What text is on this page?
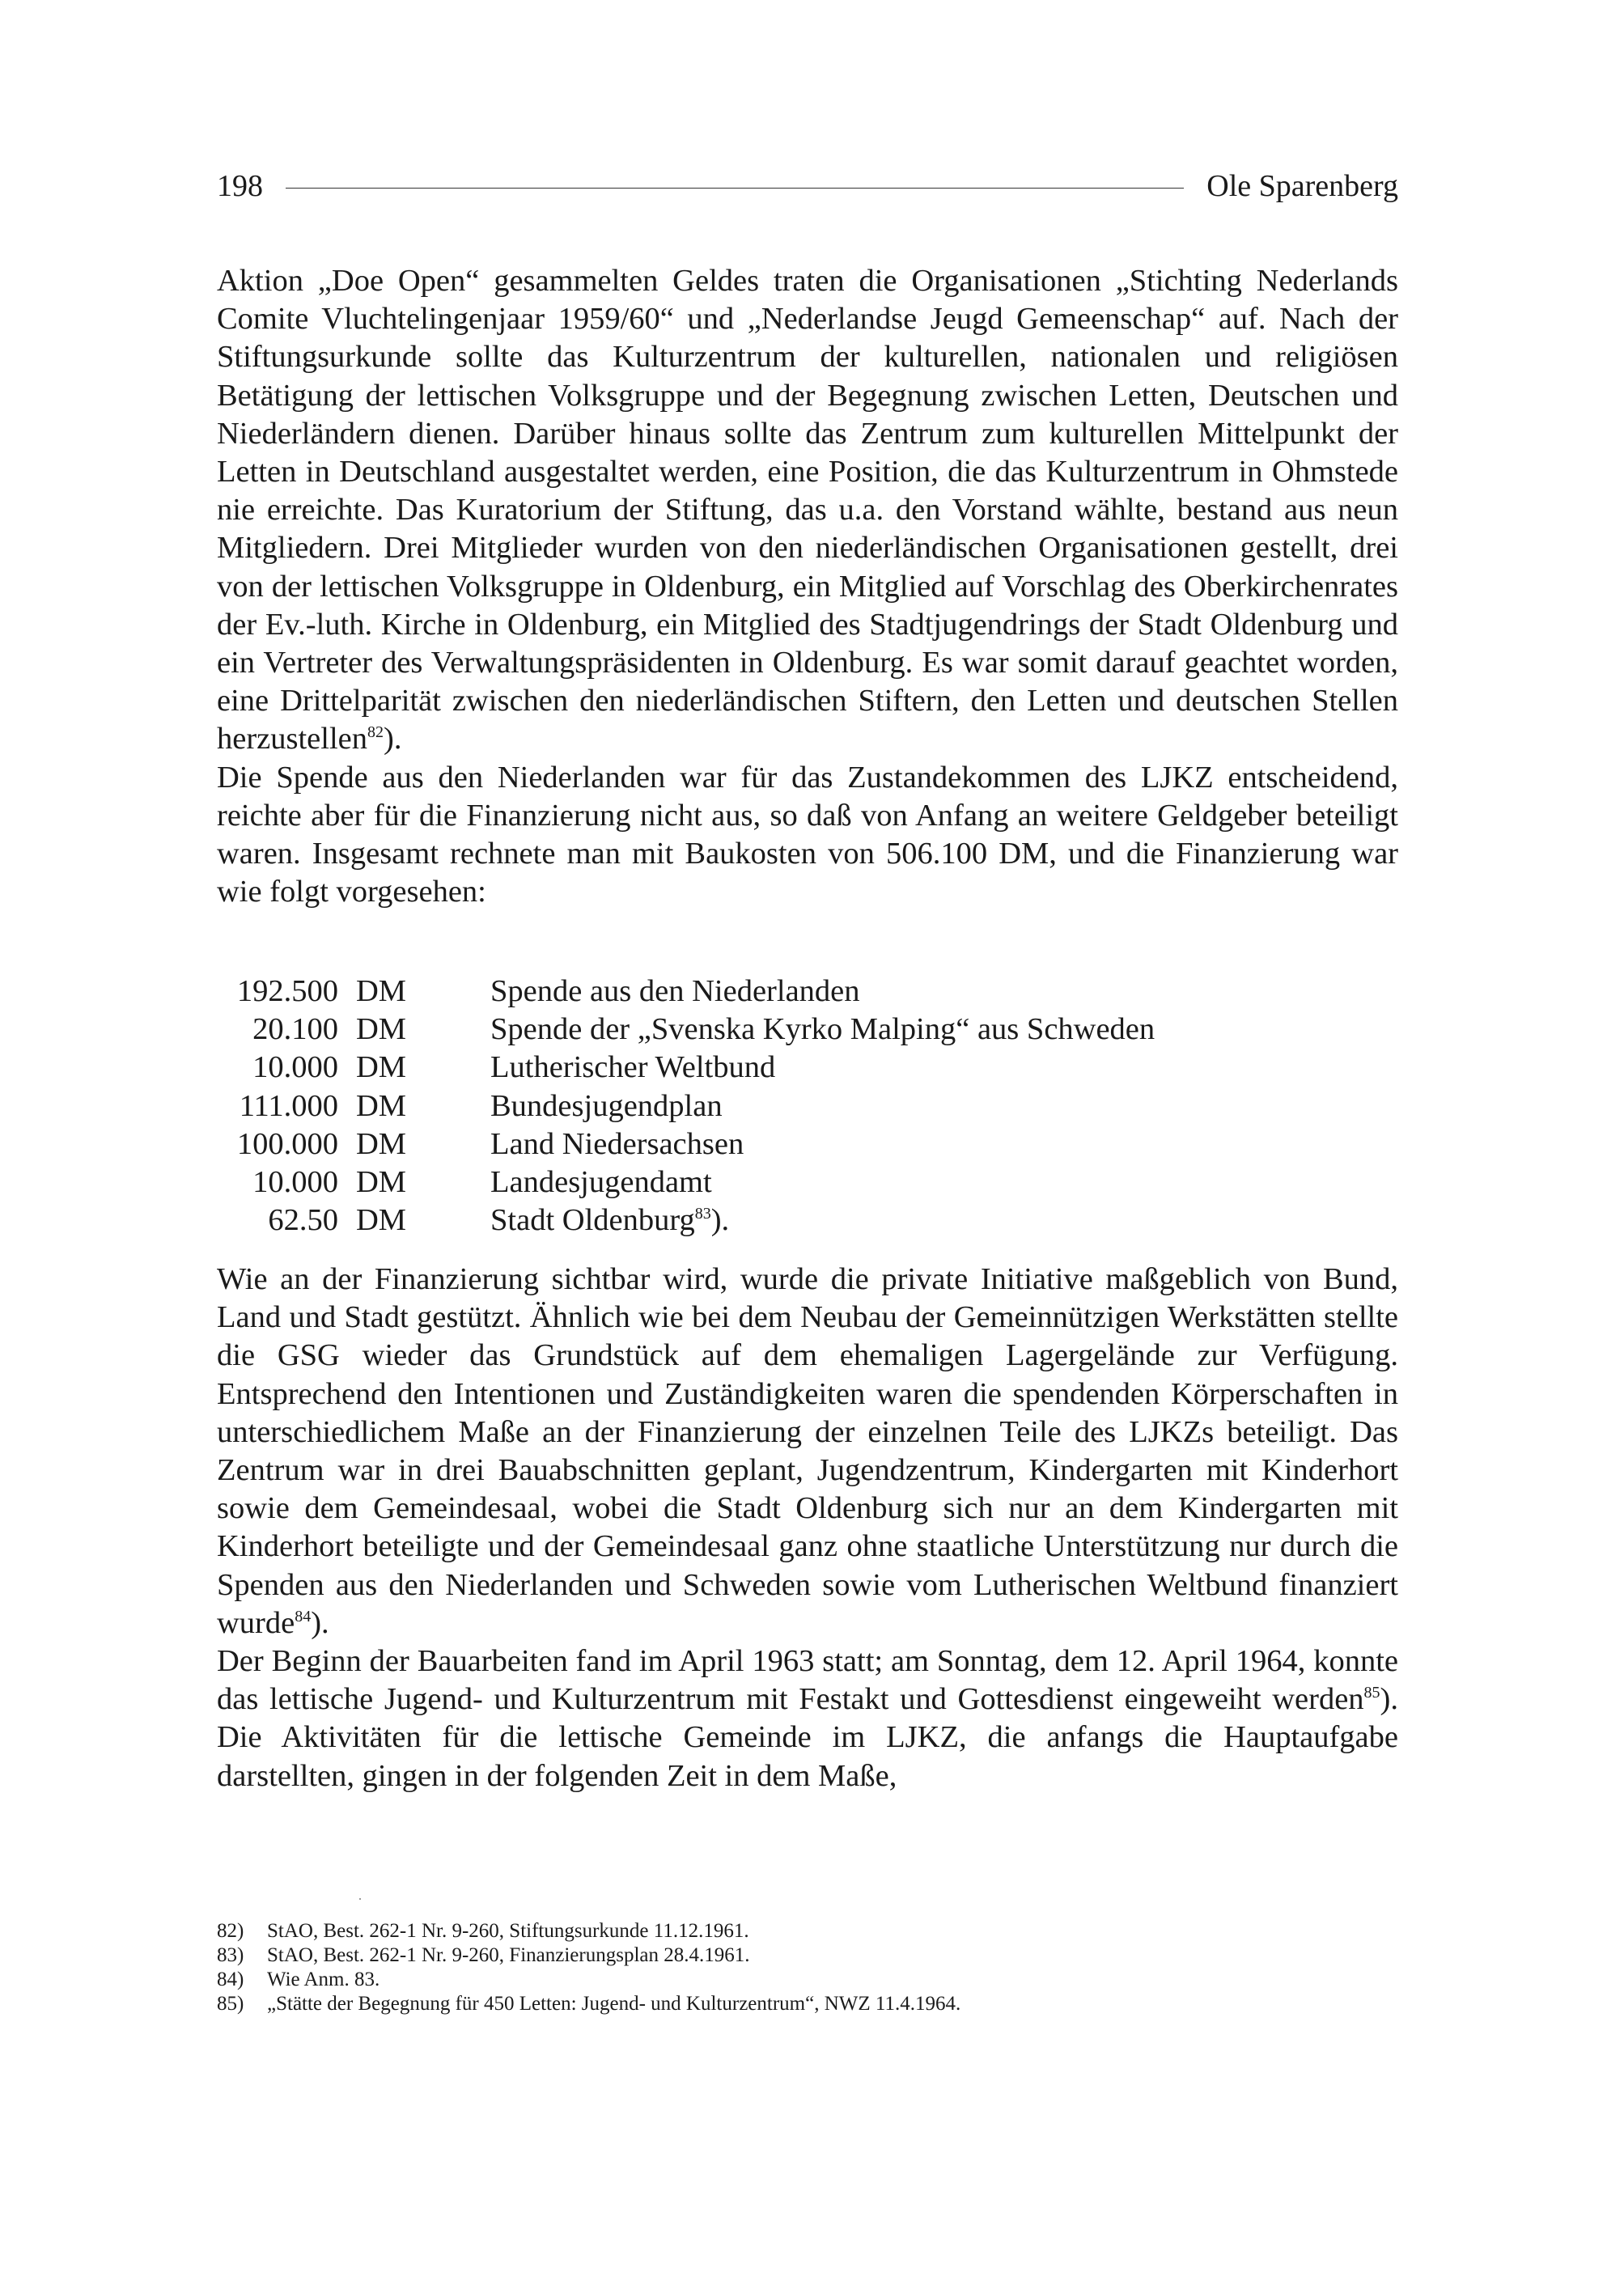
198	Ole Sparenberg

Aktion „Doe Open“ gesammelten Geldes traten die Organisationen „Stichting Nederlands Comite Vluchtelingenjaar 1959/60“ und „Nederlandse Jeugd Gemeenschap“ auf. Nach der Stiftungsurkunde sollte das Kulturzentrum der kulturellen, nationalen und religiösen Betätigung der lettischen Volksgruppe und der Begegnung zwischen Letten, Deutschen und Niederländern dienen. Darüber hinaus sollte das Zentrum zum kulturellen Mittelpunkt der Letten in Deutschland ausgestaltet werden, eine Position, die das Kulturzentrum in Ohmstede nie erreichte. Das Kuratorium der Stiftung, das u.a. den Vorstand wählte, bestand aus neun Mitgliedern. Drei Mitglieder wurden von den niederländischen Organisationen gestellt, drei von der lettischen Volksgruppe in Oldenburg, ein Mitglied auf Vorschlag des Oberkirchenrates der Ev.-luth. Kirche in Oldenburg, ein Mitglied des Stadtjugendrings der Stadt Oldenburg und ein Vertreter des Verwaltungspräsidenten in Oldenburg. Es war somit darauf geachtet worden, eine Drittelparität zwischen den niederländischen Stiftern, den Letten und deutschen Stellen herzustellen$^{82}$).

Die Spende aus den Niederlanden war für das Zustandekommen des LJKZ entscheidend, reichte aber für die Finanzierung nicht aus, so daß von Anfang an weitere Geldgeber beteiligt waren. Insgesamt rechnete man mit Baukosten von 506.100 DM, und die Finanzierung war wie folgt vorgesehen:

192.500	DM	Spende aus den Niederlanden
20.100	DM	Spende der „Svenska Kyrko Malping“ aus Schweden
10.000	DM	Lutherischer Weltbund
111.000	DM	Bundesjugendplan
100.000	DM	Land Niedersachsen
10.000	DM	Landesjugendamt
62.50	DM	Stadt Oldenburg$^{83}$).

Wie an der Finanzierung sichtbar wird, wurde die private Initiative maßgeblich von Bund, Land und Stadt gestützt. Ähnlich wie bei dem Neubau der Gemeinnützigen Werkstätten stellte die GSG wieder das Grundstück auf dem ehemaligen Lagergelände zur Verfügung. Entsprechend den Intentionen und Zuständigkeiten waren die spendenden Körperschaften in unterschiedlichem Maße an der Finanzierung der einzelnen Teile des LJKZs beteiligt. Das Zentrum war in drei Bauabschnitten geplant, Jugendzentrum, Kindergarten mit Kinderhort sowie dem Gemeindesaal, wobei die Stadt Oldenburg sich nur an dem Kindergarten mit Kinderhort beteiligte und der Gemeindesaal ganz ohne staatliche Unterstützung nur durch die Spenden aus den Niederlanden und Schweden sowie vom Lutherischen Weltbund finanziert wurde$^{84}$).

Der Beginn der Bauarbeiten fand im April 1963 statt; am Sonntag, dem 12. April 1964, konnte das lettische Jugend- und Kulturzentrum mit Festakt und Gottesdienst eingeweiht werden$^{85}$). Die Aktivitäten für die lettische Gemeinde im LJKZ, die anfangs die Hauptaufgabe darstellten, gingen in der folgenden Zeit in dem Maße,

82)	StAO, Best. 262-1 Nr. 9-260, Stiftungsurkunde 11.12.1961.

83)	StAO, Best. 262-1 Nr. 9-260, Finanzierungsplan 28.4.1961.

84)	Wie Anm. 83.

85)	„Stätte der Begegnung für 450 Letten: Jugend- und Kulturzentrum“, NWZ 11.4.1964.
